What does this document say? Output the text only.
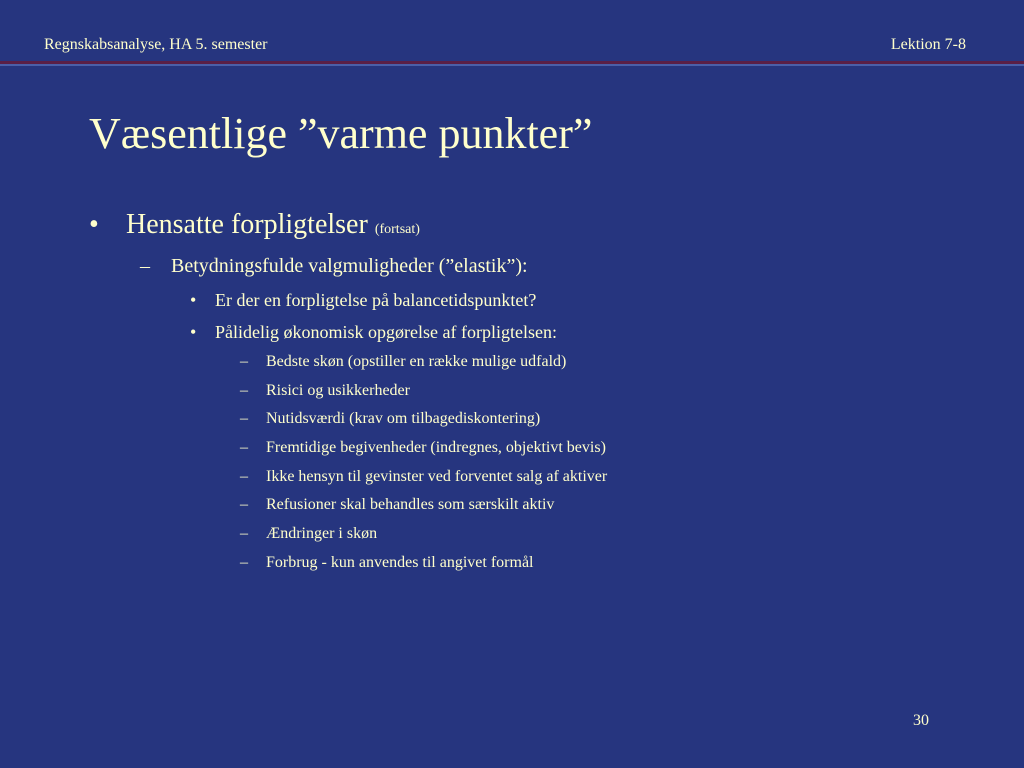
Regnskabsanalyse, HA 5. semester	Lektion 7-8
Væsentlige ”varme punkter”
• Hensatte forpligtelser (fortsat)
– Betydningsfulde valgmuligheder (”elastik”):
• Er der en forpligtelse på balancetidspunktet?
• Pålidelig økonomisk opgørelse af forpligtelsen:
– Bedste skøn (opstiller en række mulige udfald)
– Risici og usikkerheder
– Nutidsværdi (krav om tilbagediskontering)
– Fremtidige begivenheder (indregnes, objektivt bevis)
– Ikke hensyn til gevinster ved forventet salg af aktiver
– Refusioner skal behandles som særskilt aktiv
– Ændringer i skøn
– Forbrug - kun anvendes til angivet formål
30
